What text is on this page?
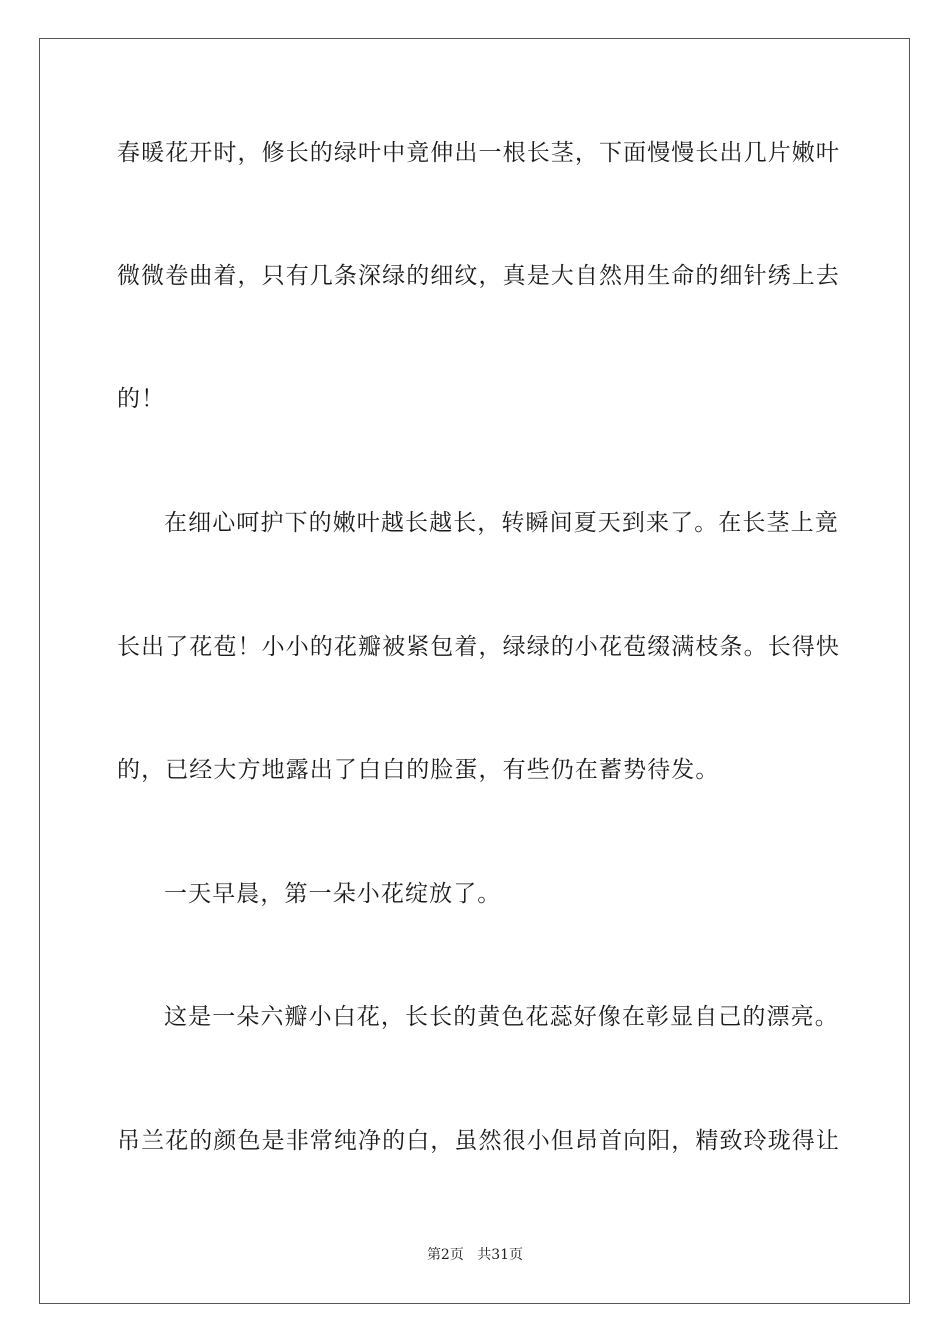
春暖花开时，修长的绿叶中竟伸出一根长茎，下面慢慢长出几片嫩叶
微微卷曲着，只有几条深绿的细纹，真是大自然用生命的细针绣上去
的！
在细心呵护下的嫩叶越长越长，转瞬间夏天到来了。在长茎上竟
长出了花苞！小小的花瓣被紧包着，绿绿的小花苞缀满枝条。长得快
的，已经大方地露出了白白的脸蛋，有些仍在蓄势待发。
一天早晨，第一朵小花绽放了。
这是一朵六瓣小白花，长长的黄色花蕊好像在彰显自己的漂亮。
吊兰花的颜色是非常纯净的白，虽然很小但昂首向阳，精致玲珑得让
第2页 共31页
